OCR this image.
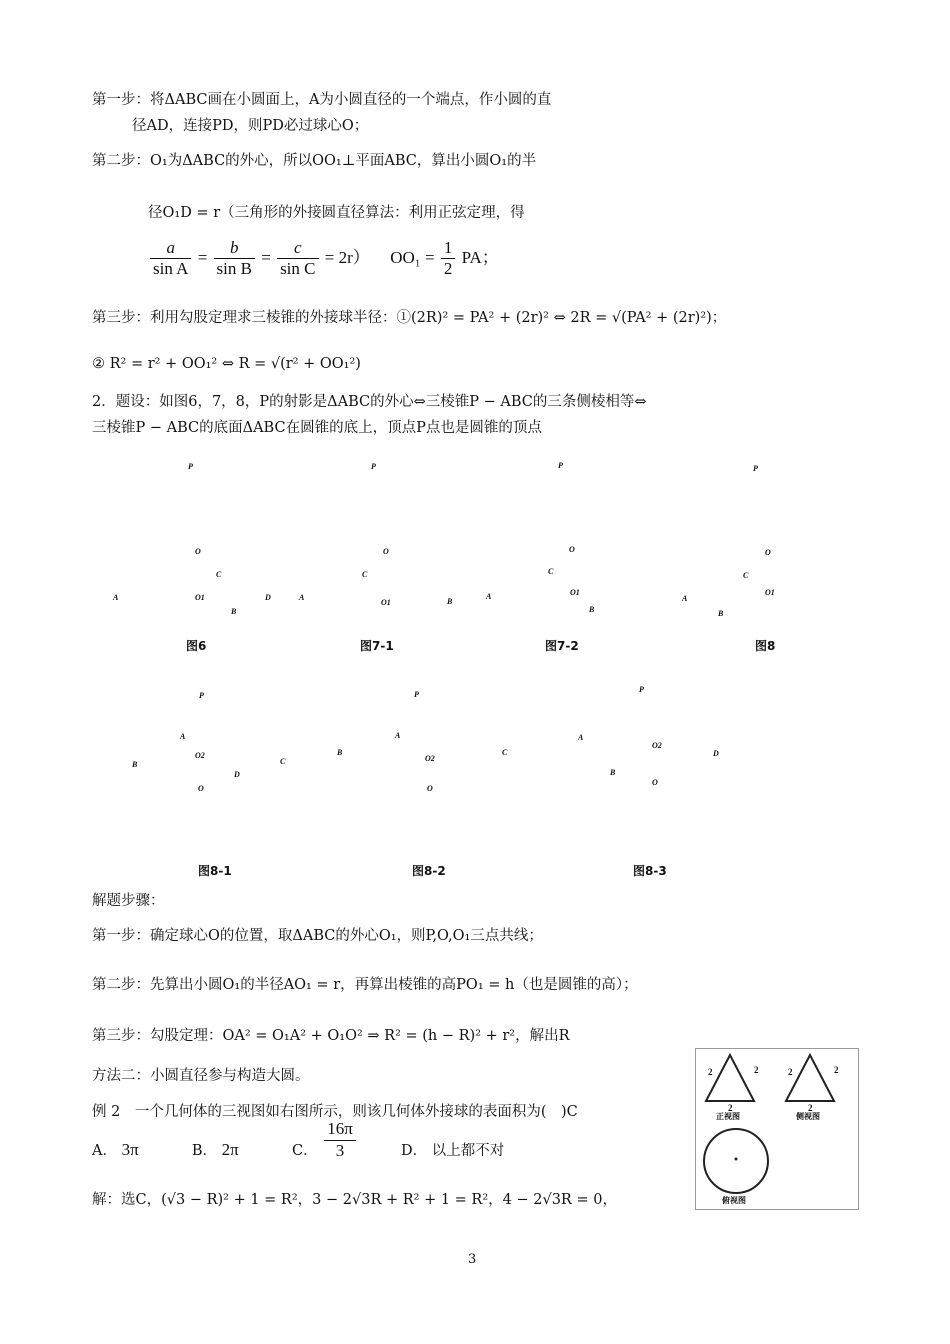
第一步：将ΔABC画在小圆面上，A为小圆直径的一个端点，作小圆的直
径AD，连接PD，则PD必过球心O；
第二步：O₁为ΔABC的外心，所以OO₁⊥平面ABC，算出小圆O₁的半
径O₁D = r（三角形的外接圆直径算法：利用正弦定理，得
$\frac{a}{\text{sin A}} = \frac{b}{\text{sin B}} = \frac{c}{\text{sin C}} = 2r$） $OO_1 = \frac{1}{2}$ PA；
第三步：利用勾股定理求三棱锥的外接球半径：①(2R)² = PA² + (2r)² ⇔ 2R = √(PA² + (2r)²)；
② R² = r² + OO₁² ⇔ R = √(r² + OO₁²)
2．题设：如图6，7，8，P的射影是ΔABC的外心⇔三棱锥P − ABC的三条侧棱相等⇔
三棱锥P − ABC的底面ΔABC在圆锥的底上，顶点P点也是圆锥的顶点
P
O
C
A	O1	D
B
P
O
C
A
O1	B
P
O
C
A	O1
B
P
O
C
A
O1
B
图6	图7-1	图7-2	图8
P
A
O2
B	C
D
O
P
A
B
O2
C
O
P
A
O2
D
B
O
图8-1	图8-2	图8-3
解题步骤：
第一步：确定球心O的位置，取ΔABC的外心O₁，则P,O,O₁三点共线；
第二步：先算出小圆O₁的半径AO₁ = r，再算出棱锥的高PO₁ = h（也是圆锥的高）；
第三步：勾股定理：OA² = O₁A² + O₁O² ⇒ R² = (h − R)² + r²，解出R
方法二：小圆直径参与构造大圆。
例 2　一个几何体的三视图如右图所示，则该几何体外接球的表面积为(　)C
A． 3π	B． 2π	C． $\frac{16\pi}{3}$	D． 以上都不对
解：选C，(√3 − R)² + 1 = R²，3 − 2√3R + R² + 1 = R²，4 − 2√3R = 0，
2	2
2
2	2
2
正视图	侧视图
俯视图
3
